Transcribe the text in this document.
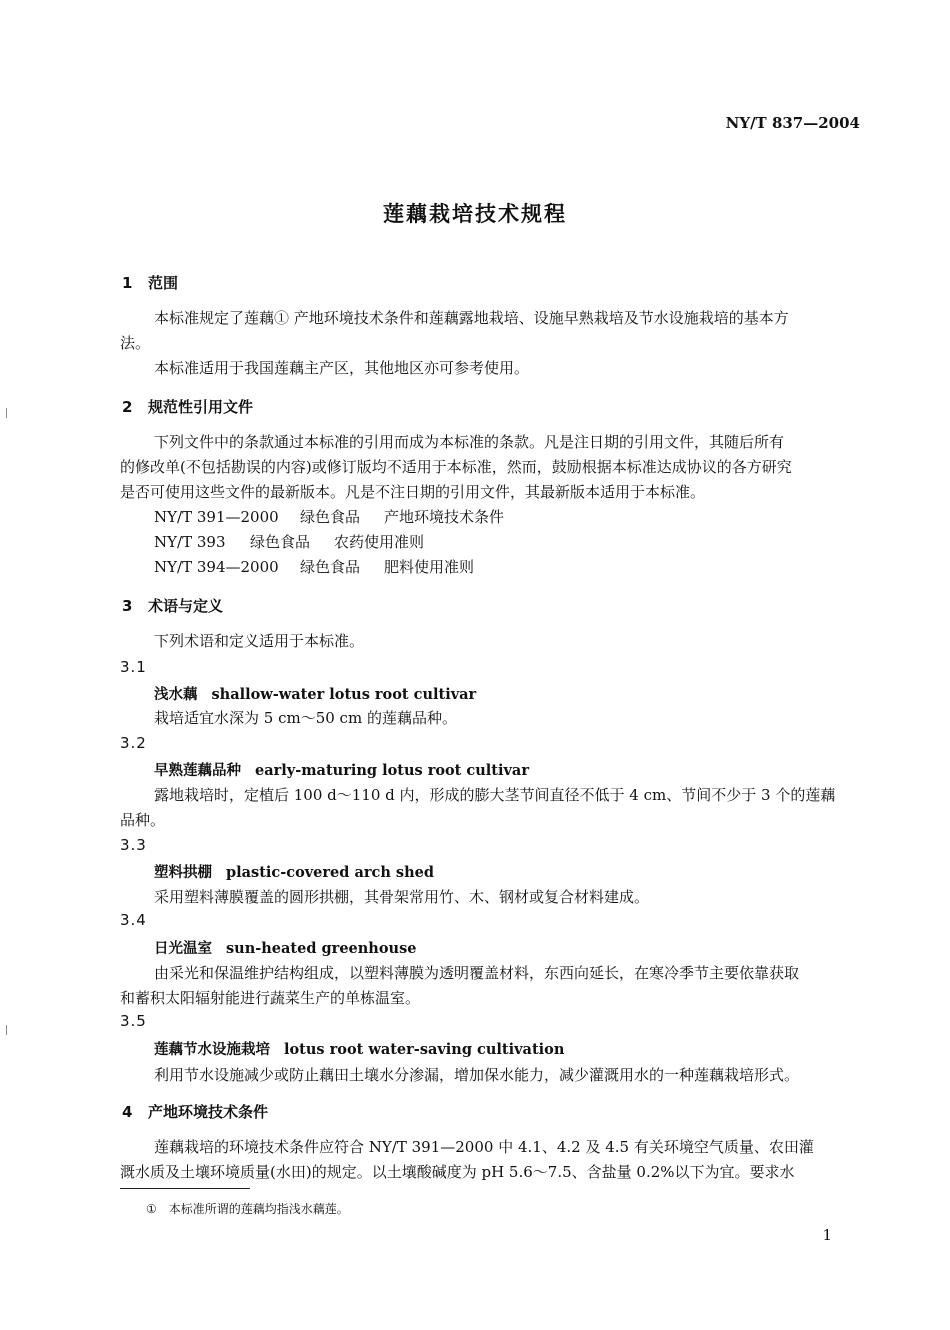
NY/T 837—2004
莲藕栽培技术规程
1 范围
本标准规定了莲藕① 产地环境技术条件和莲藕露地栽培、设施早熟栽培及节水设施栽培的基本方
法。
本标准适用于我国莲藕主产区，其他地区亦可参考使用。
2 规范性引用文件
下列文件中的条款通过本标准的引用而成为本标准的条款。凡是注日期的引用文件，其随后所有
的修改单(不包括勘误的内容)或修订版均不适用于本标准，然而，鼓励根据本标准达成协议的各方研究
是否可使用这些文件的最新版本。凡是不注日期的引用文件，其最新版本适用于本标准。
NY/T 391—2000 绿色食品 产地环境技术条件
NY/T 393 绿色食品 农药使用准则
NY/T 394—2000 绿色食品 肥料使用准则
3 术语与定义
下列术语和定义适用于本标准。
3.1
浅水藕 shallow-water lotus root cultivar
栽培适宜水深为 5 cm～50 cm 的莲藕品种。
3.2
早熟莲藕品种 early-maturing lotus root cultivar
露地栽培时，定植后 100 d～110 d 内，形成的膨大茎节间直径不低于 4 cm、节间不少于 3 个的莲藕
品种。
3.3
塑料拱棚 plastic-covered arch shed
采用塑料薄膜覆盖的圆形拱棚，其骨架常用竹、木、钢材或复合材料建成。
3.4
日光温室 sun-heated greenhouse
由采光和保温维护结构组成，以塑料薄膜为透明覆盖材料，东西向延长，在寒冷季节主要依靠获取
和蓄积太阳辐射能进行蔬菜生产的单栋温室。
3.5
莲藕节水设施栽培 lotus root water-saving cultivation
利用节水设施减少或防止藕田土壤水分渗漏，增加保水能力，减少灌溉用水的一种莲藕栽培形式。
4 产地环境技术条件
莲藕栽培的环境技术条件应符合 NY/T 391—2000 中 4.1、4.2 及 4.5 有关环境空气质量、农田灌
溉水质及土壤环境质量(水田)的规定。以土壤酸碱度为 pH 5.6～7.5、含盐量 0.2%以下为宜。要求水
① 本标准所谓的莲藕均指浅水藕莲。
1
